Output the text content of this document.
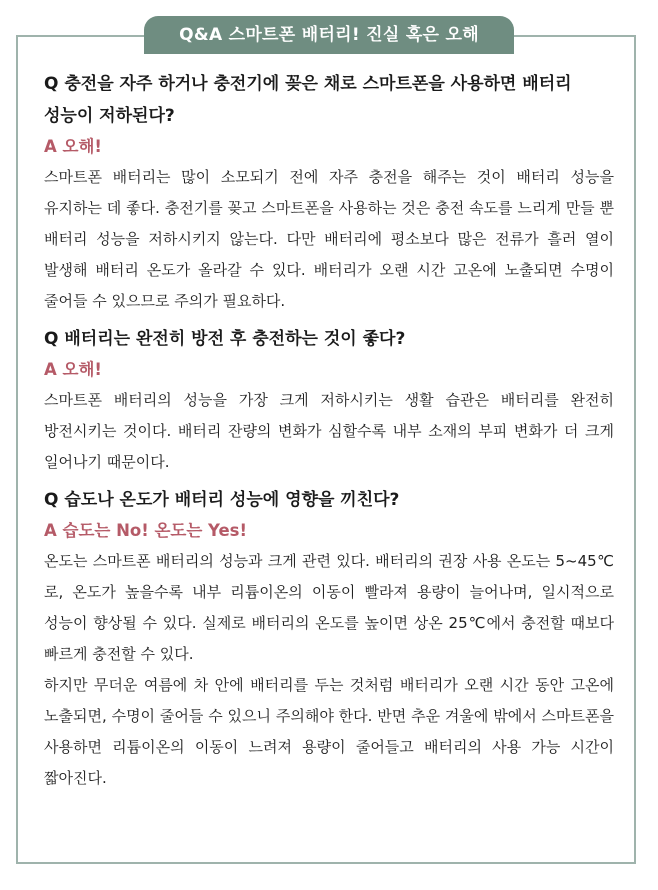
Q&A 스마트폰 배터리! 진실 혹은 오해

Q 충전을 자주 하거나 충전기에 꽂은 채로 스마트폰을 사용하면 배터리 성능이 저하된다?

A 오해!

스마트폰 배터리는 많이 소모되기 전에 자주 충전을 해주는 것이 배터리 성능을 유지하는 데 좋다. 충전기를 꽂고 스마트폰을 사용하는 것은 충전 속도를 느리게 만들 뿐 배터리 성능을 저하시키지 않는다. 다만 배터리에 평소보다 많은 전류가 흘러 열이 발생해 배터리 온도가 올라갈 수 있다. 배터리가 오랜 시간 고온에 노출되면 수명이 줄어들 수 있으므로 주의가 필요하다.

Q 배터리는 완전히 방전 후 충전하는 것이 좋다?

A 오해!

스마트폰 배터리의 성능을 가장 크게 저하시키는 생활 습관은 배터리를 완전히 방전시키는 것이다. 배터리 잔량의 변화가 심할수록 내부 소재의 부피 변화가 더 크게 일어나기 때문이다.

Q 습도나 온도가 배터리 성능에 영향을 끼친다?

A 습도는 No! 온도는 Yes!

온도는 스마트폰 배터리의 성능과 크게 관련 있다. 배터리의 권장 사용 온도는 5~45℃로, 온도가 높을수록 내부 리튬이온의 이동이 빨라져 용량이 늘어나며, 일시적으로 성능이 향상될 수 있다. 실제로 배터리의 온도를 높이면 상온 25℃에서 충전할 때보다 빠르게 충전할 수 있다.

하지만 무더운 여름에 차 안에 배터리를 두는 것처럼 배터리가 오랜 시간 동안 고온에 노출되면, 수명이 줄어들 수 있으니 주의해야 한다. 반면 추운 겨울에 밖에서 스마트폰을 사용하면 리튬이온의 이동이 느려져 용량이 줄어들고 배터리의 사용 가능 시간이 짧아진다.
